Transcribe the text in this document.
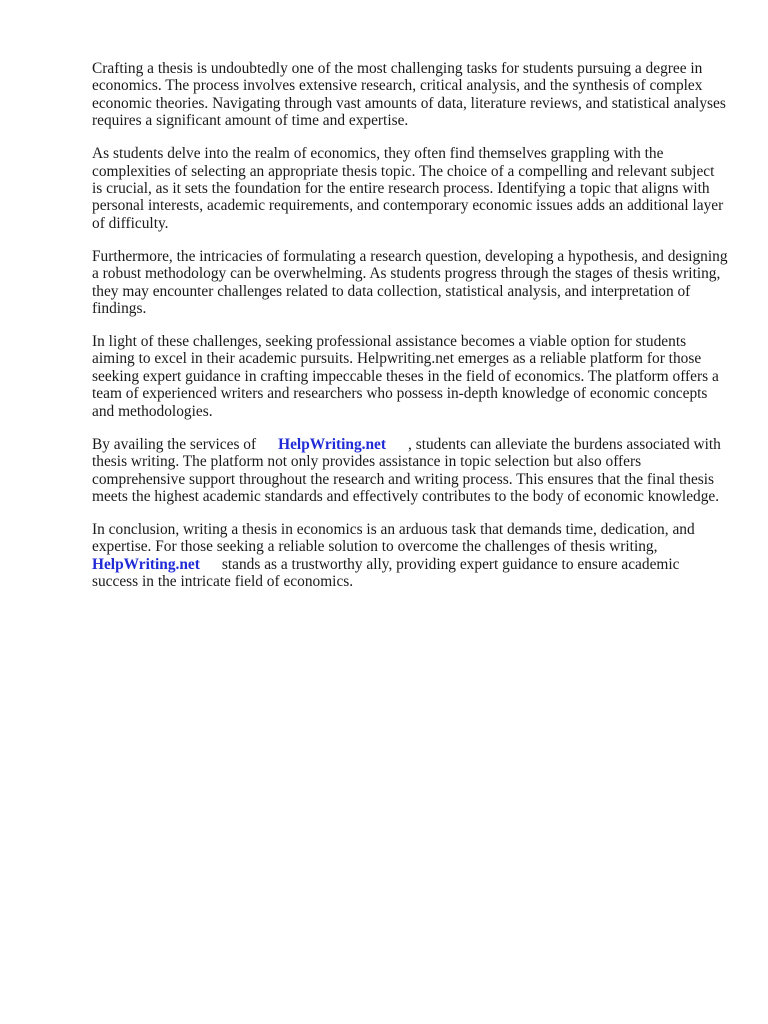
Crafting a thesis is undoubtedly one of the most challenging tasks for students pursuing a degree in economics. The process involves extensive research, critical analysis, and the synthesis of complex economic theories. Navigating through vast amounts of data, literature reviews, and statistical analyses requires a significant amount of time and expertise.

As students delve into the realm of economics, they often find themselves grappling with the complexities of selecting an appropriate thesis topic. The choice of a compelling and relevant subject is crucial, as it sets the foundation for the entire research process. Identifying a topic that aligns with personal interests, academic requirements, and contemporary economic issues adds an additional layer of difficulty.

Furthermore, the intricacies of formulating a research question, developing a hypothesis, and designing a robust methodology can be overwhelming. As students progress through the stages of thesis writing, they may encounter challenges related to data collection, statistical analysis, and interpretation of findings.

In light of these challenges, seeking professional assistance becomes a viable option for students aiming to excel in their academic pursuits. Helpwriting.net emerges as a reliable platform for those seeking expert guidance in crafting impeccable theses in the field of economics. The platform offers a team of experienced writers and researchers who possess in-depth knowledge of economic concepts and methodologies.

By availing the services of HelpWriting.net , students can alleviate the burdens associated with thesis writing. The platform not only provides assistance in topic selection but also offers comprehensive support throughout the research and writing process. This ensures that the final thesis meets the highest academic standards and effectively contributes to the body of economic knowledge.

In conclusion, writing a thesis in economics is an arduous task that demands time, dedication, and expertise. For those seeking a reliable solution to overcome the challenges of thesis writing,
HelpWriting.net stands as a trustworthy ally, providing expert guidance to ensure academic success in the intricate field of economics.
